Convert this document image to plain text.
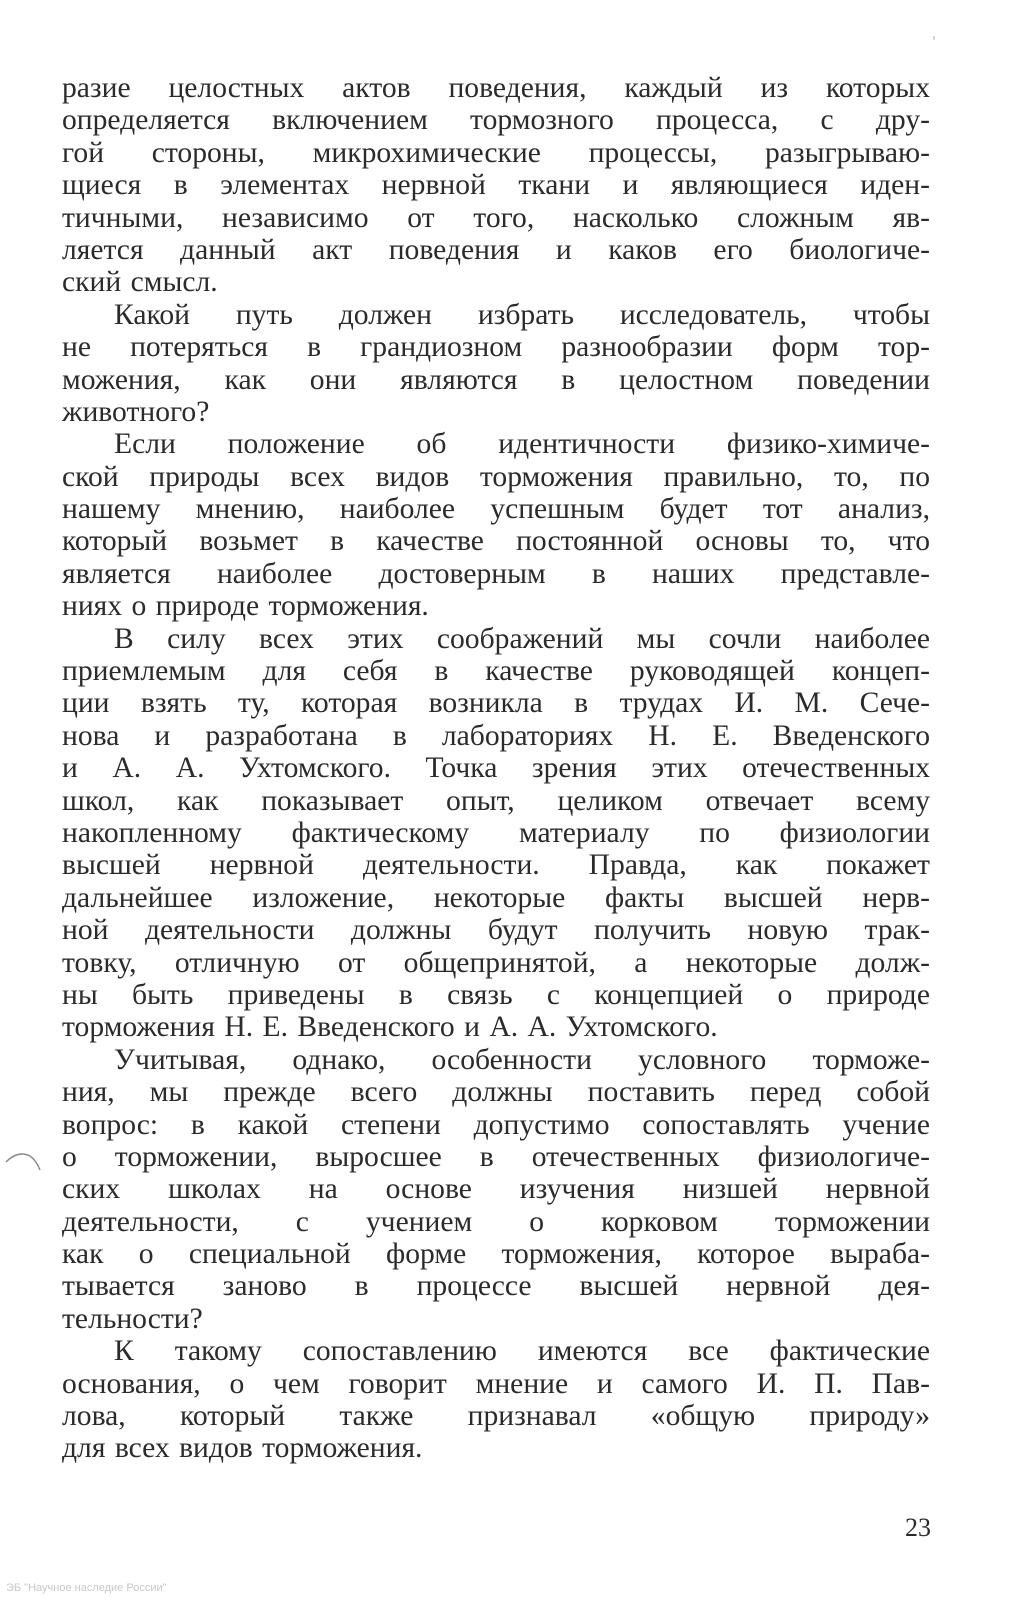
разие целостных актов поведения, каждый из которых
определяется включением тормозного процесса, с дру-
гой стороны, микрохимические процессы, разыгрываю-
щиеся в элементах нервной ткани и являющиеся иден-
тичными, независимо от того, насколько сложным яв-
ляется данный акт поведения и каков его биологиче-
ский смысл.
Какой путь должен избрать исследователь, чтобы
не потеряться в грандиозном разнообразии форм тор-
можения, как они являются в целостном поведении
животного?
Если положение об идентичности физико-химиче-
ской природы всех видов торможения правильно, то, по
нашему мнению, наиболее успешным будет тот анализ,
который возьмет в качестве постоянной основы то, что
является наиболее достоверным в наших представле-
ниях о природе торможения.
В силу всех этих соображений мы сочли наиболее
приемлемым для себя в качестве руководящей концеп-
ции взять ту, которая возникла в трудах И. М. Сече-
нова и разработана в лабораториях Н. Е. Введенского
и А. А. Ухтомского. Точка зрения этих отечественных
школ, как показывает опыт, целиком отвечает всему
накопленному фактическому материалу по физиологии
высшей нервной деятельности. Правда, как покажет
дальнейшее изложение, некоторые факты высшей нерв-
ной деятельности должны будут получить новую трак-
товку, отличную от общепринятой, а некоторые долж-
ны быть приведены в связь с концепцией о природе
торможения Н. Е. Введенского и А. А. Ухтомского.
Учитывая, однако, особенности условного торможе-
ния, мы прежде всего должны поставить перед собой
вопрос: в какой степени допустимо сопоставлять учение
о торможении, выросшее в отечественных физиологиче-
ских школах на основе изучения низшей нервной
деятельности, с учением о корковом торможении
как о специальной форме торможения, которое выраба-
тывается заново в процессе высшей нервной дея-
тельности?
К такому сопоставлению имеются все фактические
основания, о чем говорит мнение и самого И. П. Пав-
лова, который также признавал «общую природу»
для всех видов торможения.
23
ЭБ "Научное наследие России"
